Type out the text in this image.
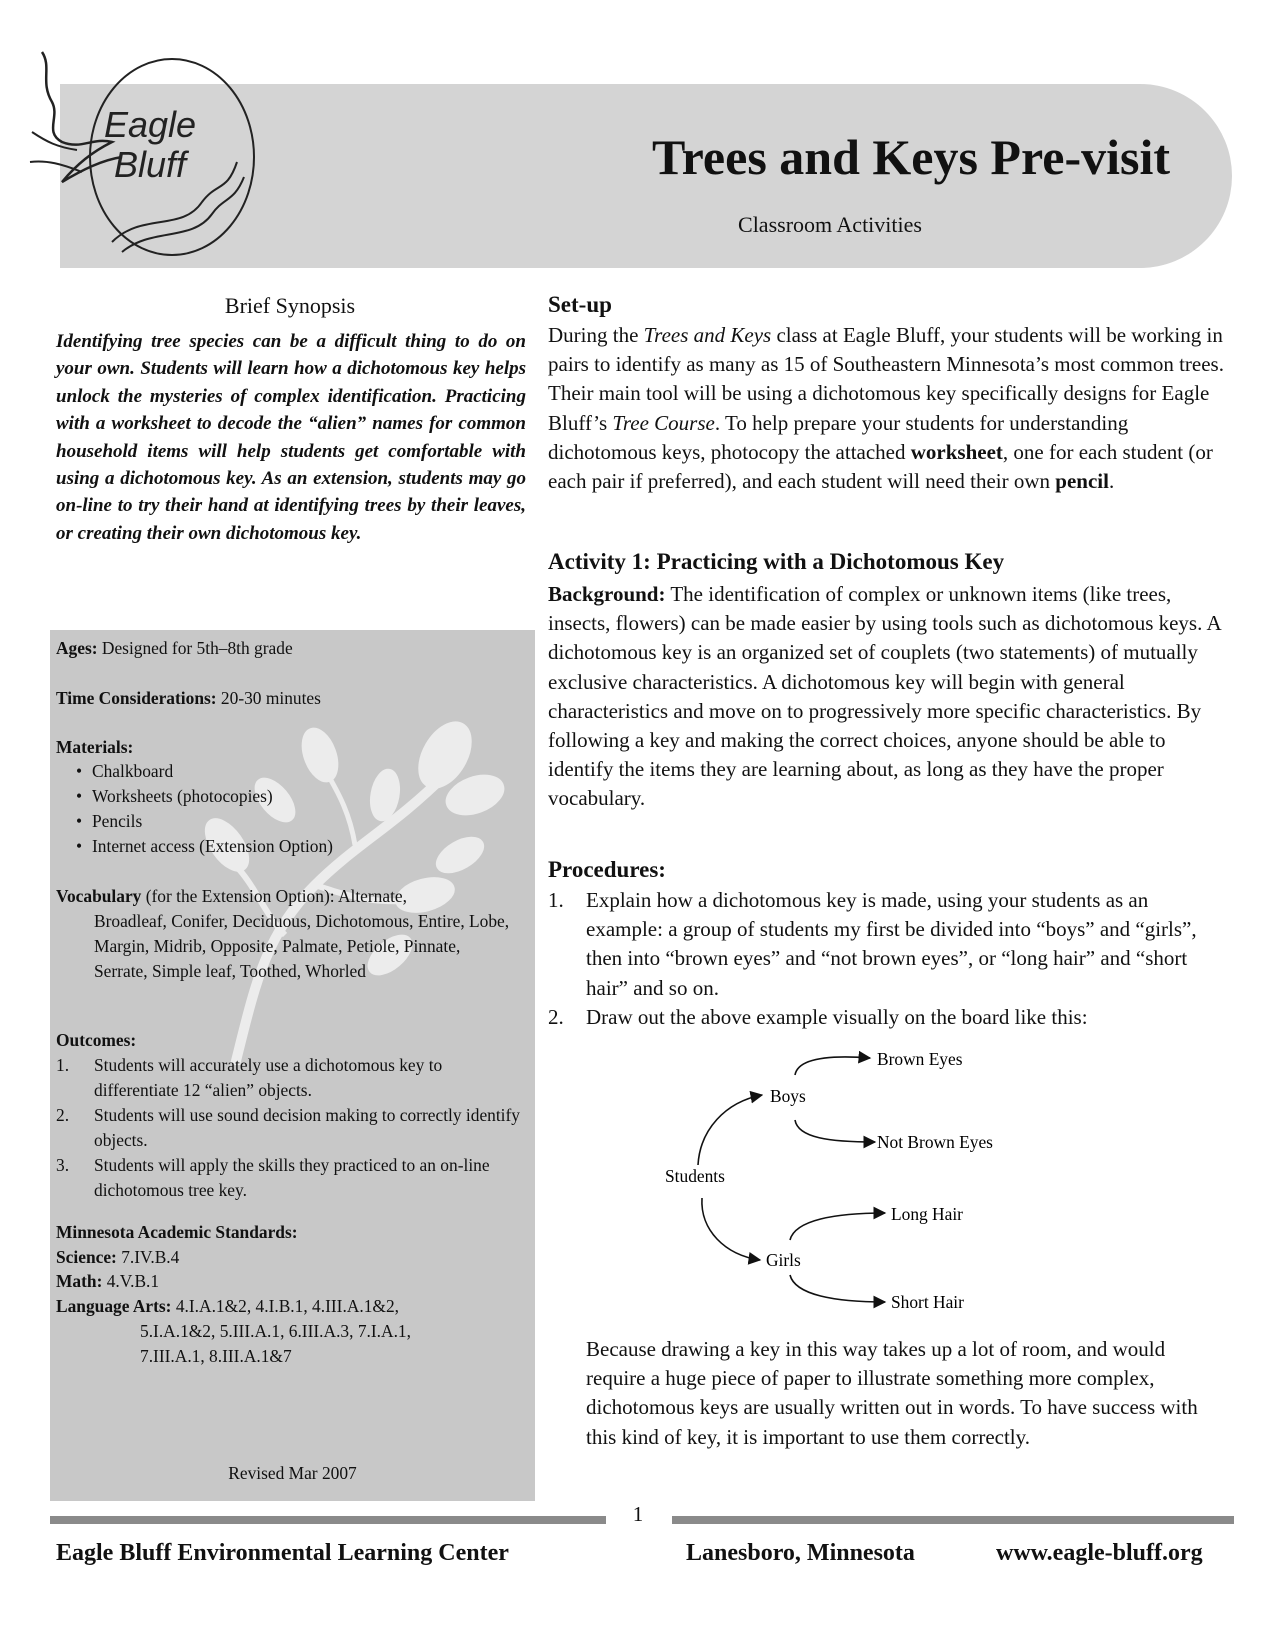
Eagle
Bluff	Trees and Keys Pre-visit
Classroom Activities
Brief Synopsis
Identifying tree species can be a difficult thing to do on your own. Students will learn how a dichotomous key helps unlock the mysteries of complex identification. Practicing with a worksheet to decode the “alien” names for common household items will help students get comfortable with using a dichotomous key. As an extension, students may go on-line to try their hand at identifying trees by their leaves, or creating their own dichotomous key.
Ages: Designed for 5th–8th grade
Time Considerations: 20-30 minutes
Materials:
• Chalkboard
• Worksheets (photocopies)
• Pencils
• Internet access (Extension Option)
Vocabulary (for the Extension Option): Alternate,
Broadleaf, Conifer, Deciduous, Dichotomous, Entire, Lobe, Margin, Midrib, Opposite, Palmate, Petiole, Pinnate, Serrate, Simple leaf, Toothed, Whorled
Outcomes:
1. Students will accurately use a dichotomous key to differentiate 12 “alien” objects.
2. Students will use sound decision making to correctly identify objects.
3. Students will apply the skills they practiced to an on-line dichotomous tree key.
Minnesota Academic Standards:
Science: 7.IV.B.4
Math: 4.V.B.1
Language Arts: 4.I.A.1&2, 4.I.B.1, 4.III.A.1&2,
5.I.A.1&2, 5.III.A.1, 6.III.A.3, 7.I.A.1,
7.III.A.1, 8.III.A.1&7
Revised Mar 2007
Set-up
During the Trees and Keys class at Eagle Bluff, your students will be working in pairs to identify as many as 15 of Southeastern Minnesota’s most common trees. Their main tool will be using a dichotomous key specifically designs for Eagle Bluff’s Tree Course. To help prepare your students for understanding dichotomous keys, photocopy the attached worksheet, one for each student (or each pair if preferred), and each student will need their own pencil.
Activity 1: Practicing with a Dichotomous Key
Background: The identification of complex or unknown items (like trees, insects, flowers) can be made easier by using tools such as dichotomous keys. A dichotomous key is an organized set of couplets (two statements) of mutually exclusive characteristics. A dichotomous key will begin with general characteristics and move on to progressively more specific characteristics. By following a key and making the correct choices, anyone should be able to identify the items they are learning about, as long as they have the proper vocabulary.
Procedures:
1. Explain how a dichotomous key is made, using your students as an example: a group of students my first be divided into “boys” and “girls”, then into “brown eyes” and “not brown eyes”, or “long hair” and “short hair” and so on.
2. Draw out the above example visually on the board like this:
Students
Boys
Girls
Brown Eyes
Not Brown Eyes
Long Hair
Short Hair
Because drawing a key in this way takes up a lot of room, and would require a huge piece of paper to illustrate something more complex, dichotomous keys are usually written out in words. To have success with this kind of key, it is important to use them correctly.
1
Eagle Bluff Environmental Learning Center	Lanesboro, Minnesota	www.eagle-bluff.org
